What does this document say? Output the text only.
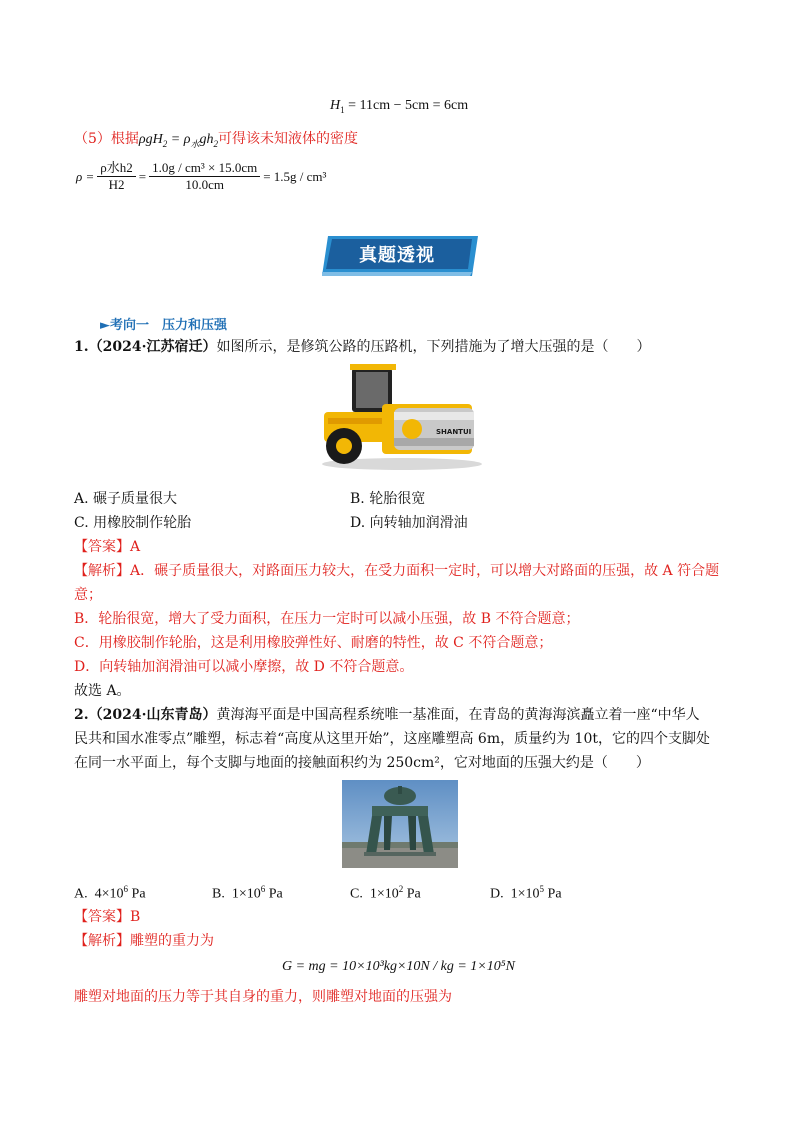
$H_1 = 11cm - 5cm = 6cm$
（5）根据$\rho gH_2 = \rho_水gh_2$可得该未知液体的密度
$\rho = \frac{\text{ρ水h2}}{H2} = \frac{\text{1.0g / cm³ × 15.0cm}}{10.0cm} = 1.5g / cm^3$
真题透视
►考向一　压力和压强
1.（2024·江苏宿迁）如图所示，是修筑公路的压路机，下列措施为了增大压强的是（　　）
SHANTUI
A. 碾子质量很大	B. 轮胎很宽
C. 用橡胶制作轮胎	D. 向转轴加润滑油
【答案】A
【解析】A．碾子质量很大，对路面压力较大，在受力面积一定时，可以增大对路面的压强，故 A 符合题
意；
B．轮胎很宽，增大了受力面积，在压力一定时可以减小压强，故 B 不符合题意；
C．用橡胶制作轮胎，这是利用橡胶弹性好、耐磨的特性，故 C 不符合题意；
D．向转轴加润滑油可以减小摩擦，故 D 不符合题意。
故选 A。
2.（2024·山东青岛）黄海海平面是中国高程系统唯一基准面，在青岛的黄海海滨矗立着一座“中华人
民共和国水准零点”雕塑，标志着“高度从这里开始”，这座雕塑高 6m，质量约为 10t，它的四个支脚处
在同一水平面上，每个支脚与地面的接触面积约为 250cm²，它对地面的压强大约是（　　）
A. $4\times 10^6$ Pa	B. $1\times 10^6$ Pa	C. $1\times 10^2$ Pa	D. $1\times 10^5$ Pa
【答案】B
【解析】雕塑的重力为
G = mg = 10×10³kg×10N / kg = 1×10⁵N
雕塑对地面的压力等于其自身的重力，则雕塑对地面的压强为
